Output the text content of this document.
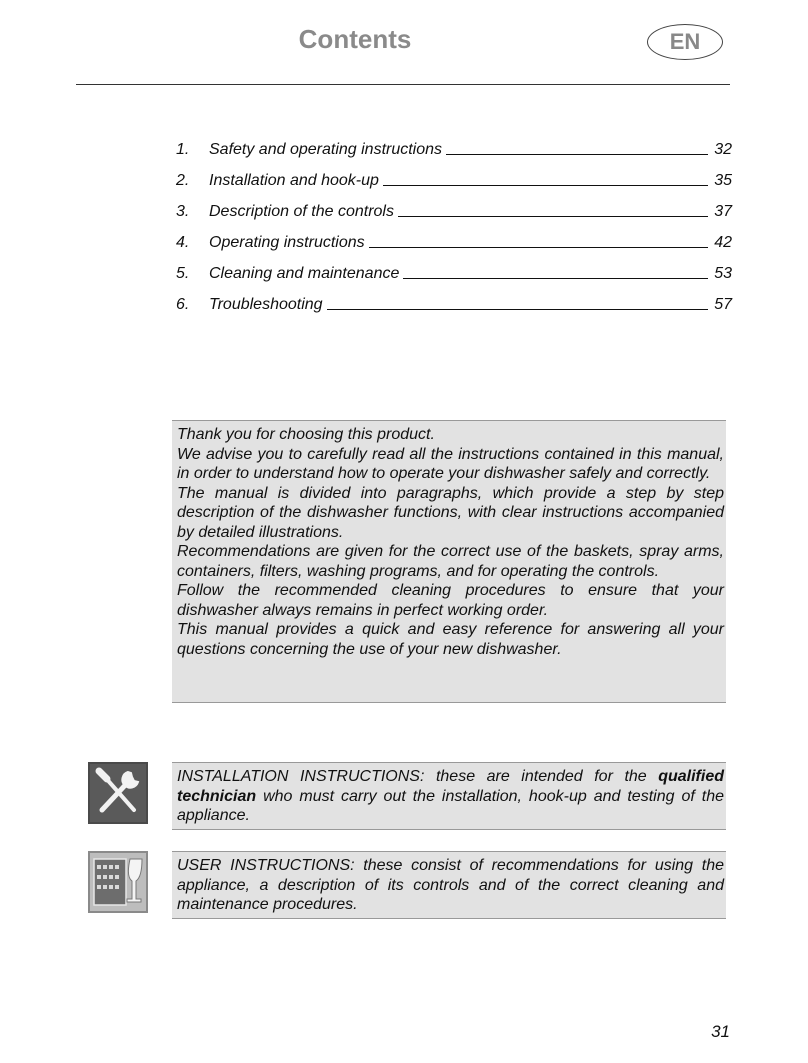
Contents	EN
1.	Safety and operating instructions	32
2.	Installation and hook-up	35
3.	Description of the controls	37
4.	Operating instructions	42
5.	Cleaning and maintenance	53
6.	Troubleshooting	57

Thank you for choosing this product.

We advise you to carefully read all the instructions contained in this manual, in order to understand how to operate your dishwasher safely and correctly.

The manual is divided into paragraphs, which provide a step by step description of the dishwasher functions, with clear instructions accompanied by detailed illustrations.

Recommendations are given for the correct use of the baskets, spray arms, containers, filters, washing programs, and for operating the controls.

Follow the recommended cleaning procedures to ensure that your dishwasher always remains in perfect working order.

This manual provides a quick and easy reference for answering all your questions concerning the use of your new dishwasher.

INSTALLATION INSTRUCTIONS: these are intended for the qualified technician who must carry out the installation, hook-up and testing of the appliance.

USER INSTRUCTIONS: these consist of recommendations for using the appliance, a description of its controls and of the correct cleaning and maintenance procedures.

31
